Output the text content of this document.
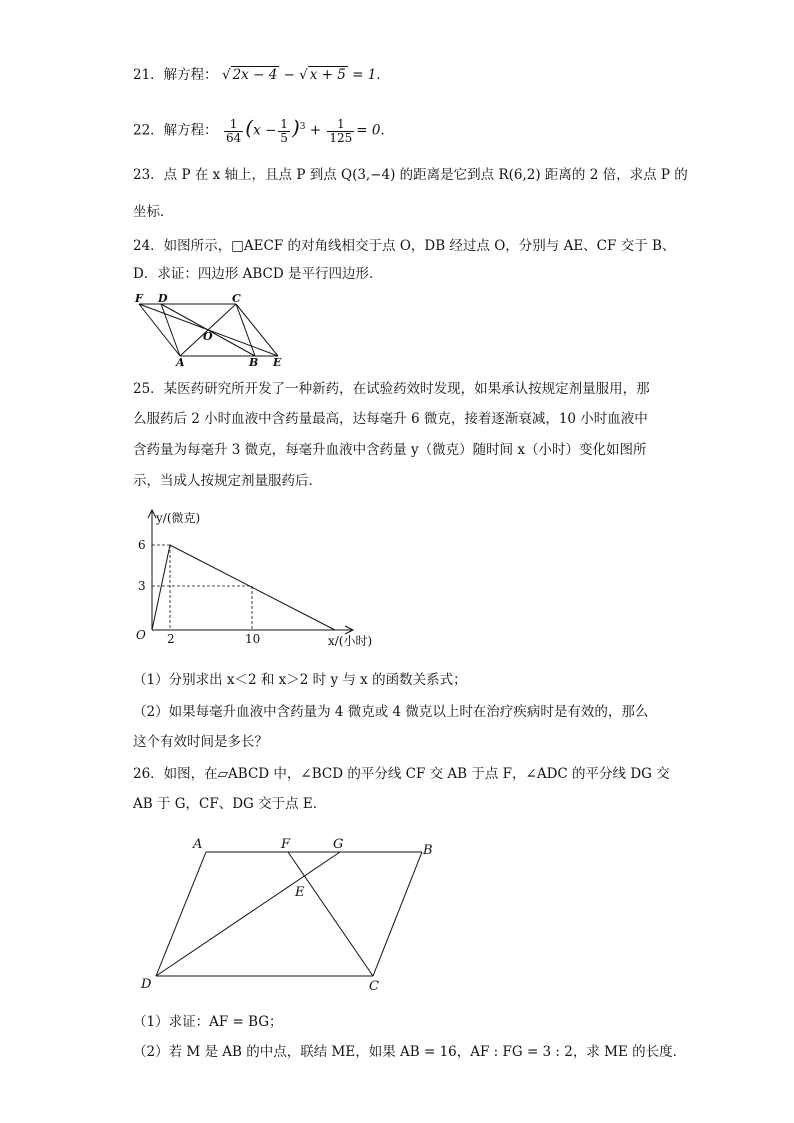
21．解方程： √ 2x − 4 − √ x + 5 = 1．
22．解方程： $\frac{1}{64} (x - \frac{1}{5} )^3 + \frac{1}{125} = 0$．
23．点 P 在 x 轴上，且点 P 到点 Q(3,−4) 的距离是它到点 R(6,2) 距离的 2 倍，求点 P 的
坐标．
24．如图所示，□AECF 的对角线相交于点 O，DB 经过点 O，分别与 AE、CF 交于 B、
D．求证：四边形 ABCD 是平行四边形．
F D	C
O
A	B E
25．某医药研究所开发了一种新药，在试验药效时发现，如果承认按规定剂量服用，那
么服药后 2 小时血液中含药量最高，达每毫升 6 微克，接着逐渐衰减，10 小时血液中
含药量为每毫升 3 微克，每毫升血液中含药量 y（微克）随时间 x（小时）变化如图所
示，当成人按规定剂量服药后．
y/(微克)
x/(小时)
O
6
3
2	10
（1）分别求出 x＜2 和 x＞2 时 y 与 x 的函数关系式；
（2）如果每毫升血液中含药量为 4 微克或 4 微克以上时在治疗疾病时是有效的，那么
这个有效时间是多长？
26．如图，在▱ABCD 中，∠BCD 的平分线 CF 交 AB 于点 F，∠ADC 的平分线 DG 交
AB 于 G，CF、DG 交于点 E．
A	F	G	B
E
D	C
（1）求证：AF = BG；
（2）若 M 是 AB 的中点，联结 ME，如果 AB = 16，AF : FG = 3 : 2，求 ME 的长度．
